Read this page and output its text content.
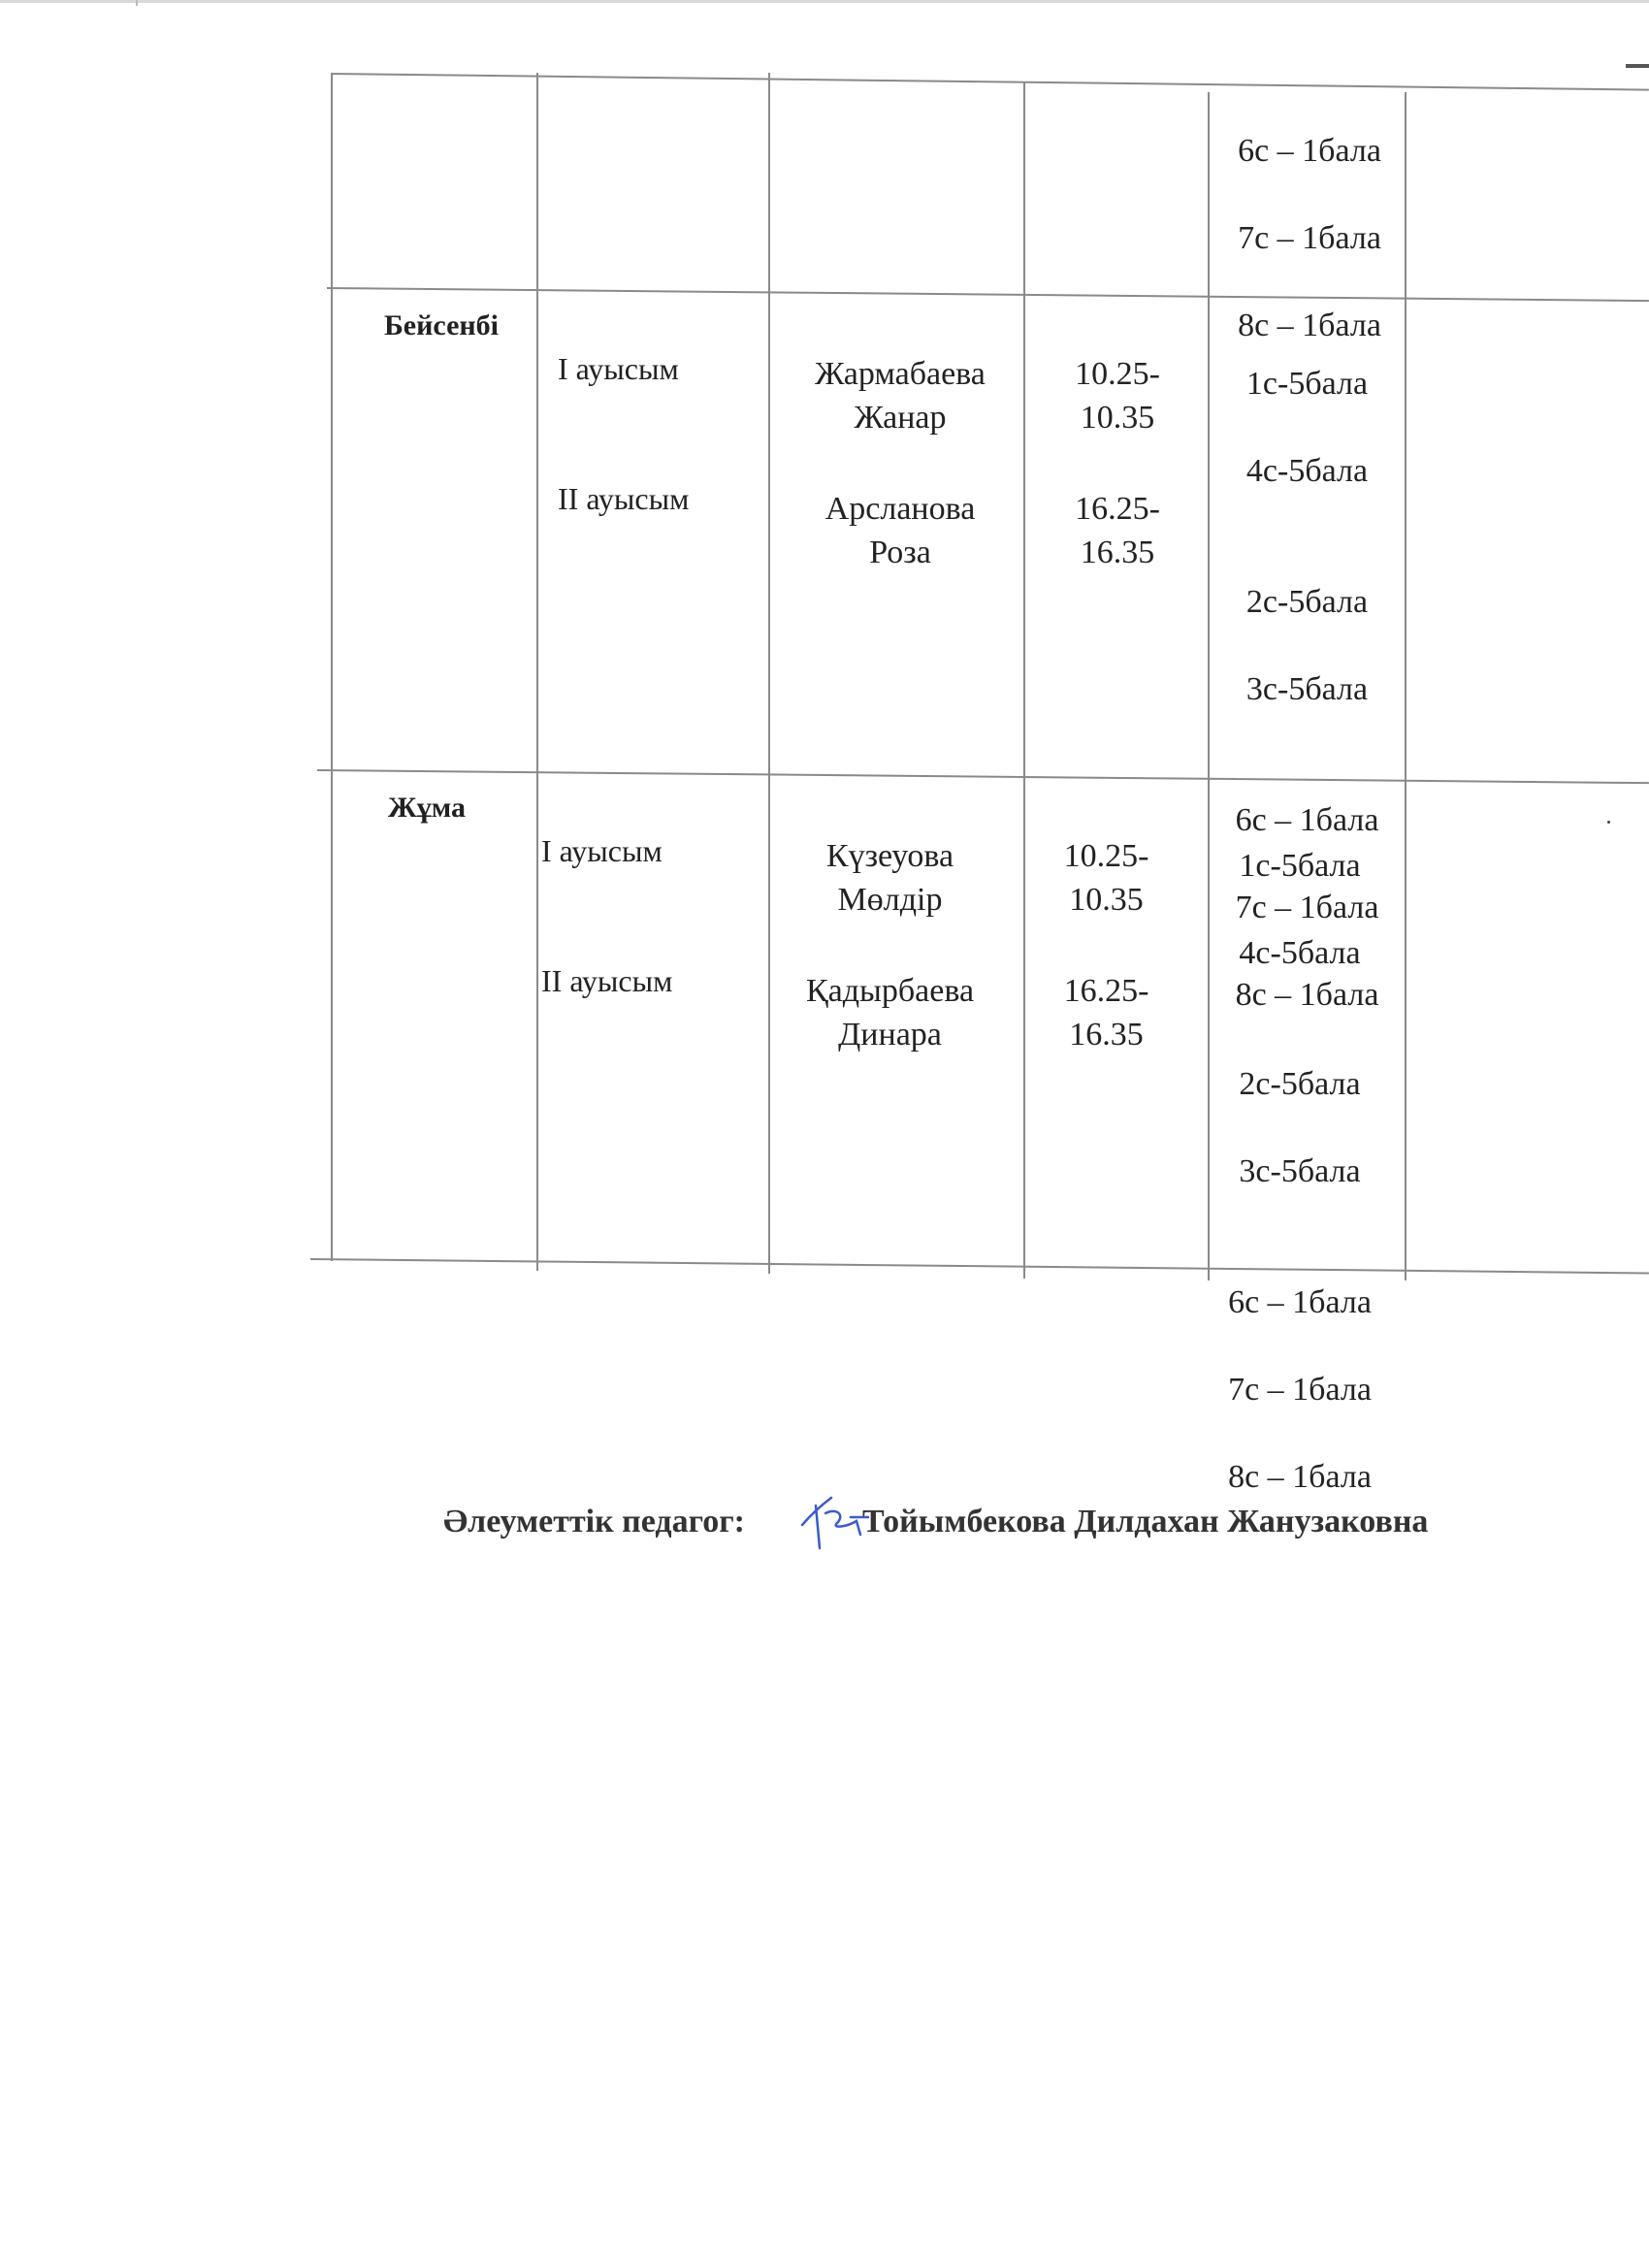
6с – 1бала

7с – 1бала

8с – 1бала

Бейсенбі

І ауысым

ІІ ауысым

Жармабаева Жанар

Арсланова Роза

10.25-
10.35

16.25-
16.35

1с-5бала

4с-5бала

2с-5бала

3с-5бала

6с – 1бала

7с – 1бала

8с – 1бала

Жұма

І ауысым

ІІ ауысым

Күзеуова Мөлдір

Қадырбаева Динара

10.25-
10.35

16.25-
16.35

1с-5бала

4с-5бала

2с-5бала

3с-5бала

6с – 1бала

7с – 1бала

8с – 1бала

Әлеуметтік педагог:	Тойымбекова Дилдахан Жанузаковна
